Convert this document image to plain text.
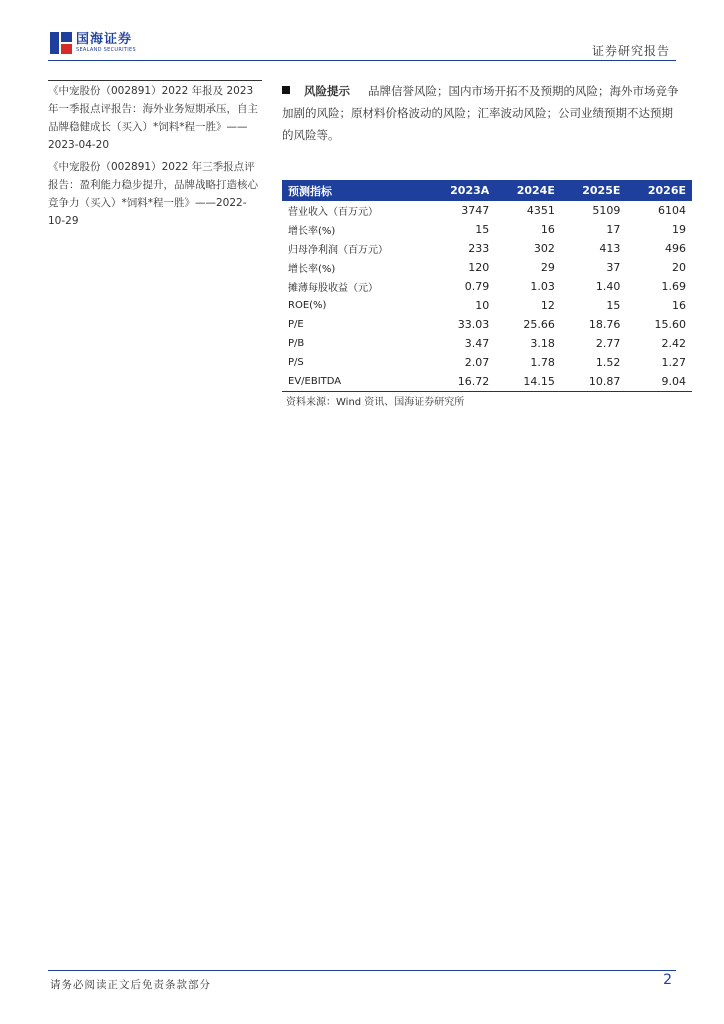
国海证券
SEALAND SECURITIES	证券研究报告

《中宠股份（002891）2022 年报及 2023 年一季报点评报告：海外业务短期承压，自主品牌稳健成长（买入）*饲料*程一胜》——2023-04-20

《中宠股份（002891）2022 年三季报点评报告：盈利能力稳步提升，品牌战略打造核心竞争力（买入）*饲料*程一胜》——2022-10-29

风险提示 品牌信誉风险；国内市场开拓不及预期的风险；海外市场竞争加剧的风险；原材料价格波动的风险；汇率波动风险；公司业绩预期不达预期的风险等。
预测指标	2023A	2024E	2025E	2026E
营业收入（百万元）	3747	4351	5109	6104
增长率(%)	15	16	17	19
归母净利润（百万元）	233	302	413	496
增长率(%)	120	29	37	20
摊薄每股收益（元）	0.79	1.03	1.40	1.69
ROE(%)	10	12	15	16
P/E	33.03	25.66	18.76	15.60
P/B	3.47	3.18	2.77	2.42
P/S	2.07	1.78	1.52	1.27
EV/EBITDA	16.72	14.15	10.87	9.04
资料来源：Wind 资讯、国海证券研究所
请务必阅读正文后免责条款部分	2
